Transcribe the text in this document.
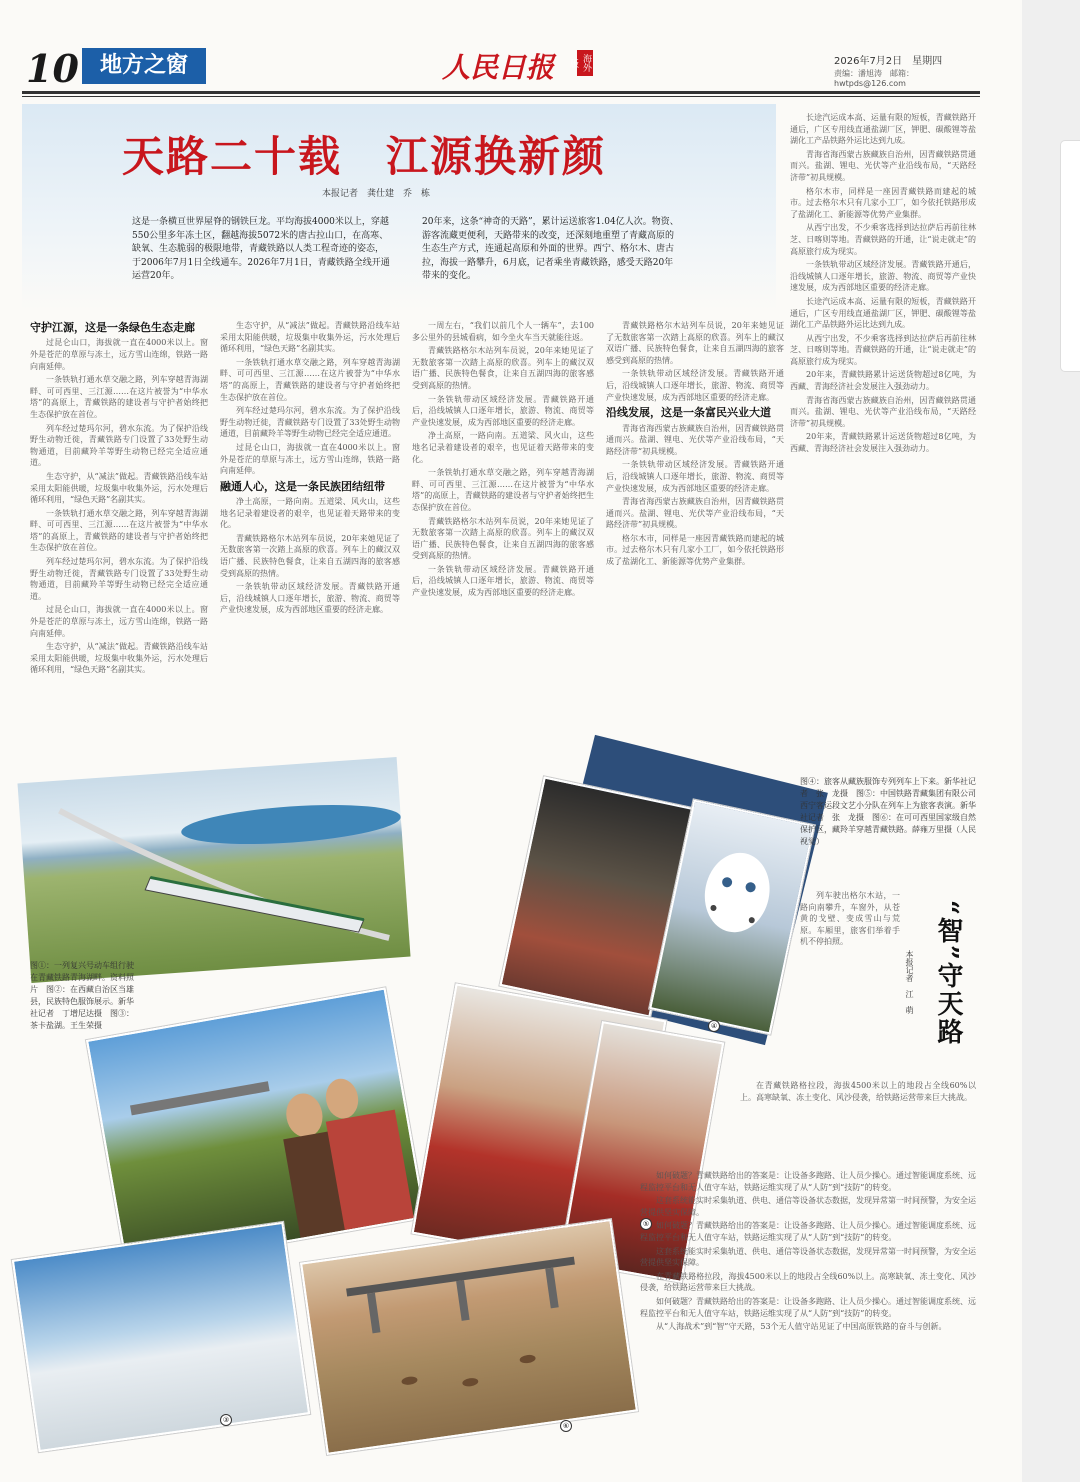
10 地方之窗	人民日报	海外版	2026年7月2日　星期四
责编：潘旭涛　邮箱：hwtpds@126.com
天路二十载　江源换新颜
本报记者　龚仕建　乔　栋
这是一条横亘世界屋脊的钢铁巨龙。平均海拔4000米以上，穿越550公里多年冻土区，翻越海拔5072米的唐古拉山口，在高寒、缺氧、生态脆弱的极限地带，青藏铁路以人类工程奇迹的姿态，于2006年7月1日全线通车。2026年7月1日，青藏铁路全线开通运营20年。
20年来，这条“神奇的天路”，累计运送旅客1.04亿人次。物资、游客流藏更便利，天路带来的改变，还深刻地重塑了青藏高原的生态生产方式，连通起高原和外面的世界。西宁、格尔木、唐古拉，海拔一路攀升，6月底，记者乘坐青藏铁路，感受天路20年带来的变化。

守护江源，这是一条绿色生态走廊

过昆仑山口，海拔就一直在4000米以上。窗外是苍茫的草原与冻土，远方雪山连绵，铁路一路向南延伸。

一条铁轨打通水草交融之路，列车穿越青海湖畔、可可西里、三江源……在这片被誉为“中华水塔”的高原上，青藏铁路的建设者与守护者始终把生态保护放在首位。

列车经过楚玛尔河，碧水东流。为了保护沿线野生动物迁徙，青藏铁路专门设置了33处野生动物通道，目前藏羚羊等野生动物已经完全适应通道。

生态守护，从“减法”做起。青藏铁路沿线车站采用太阳能供暖，垃圾集中收集外运，污水处理后循环利用，“绿色天路”名副其实。

一条铁轨打通水草交融之路，列车穿越青海湖畔、可可西里、三江源……在这片被誉为“中华水塔”的高原上，青藏铁路的建设者与守护者始终把生态保护放在首位。

列车经过楚玛尔河，碧水东流。为了保护沿线野生动物迁徙，青藏铁路专门设置了33处野生动物通道，目前藏羚羊等野生动物已经完全适应通道。

过昆仑山口，海拔就一直在4000米以上。窗外是苍茫的草原与冻土，远方雪山连绵，铁路一路向南延伸。

生态守护，从“减法”做起。青藏铁路沿线车站采用太阳能供暖，垃圾集中收集外运，污水处理后循环利用，“绿色天路”名副其实。

生态守护，从“减法”做起。青藏铁路沿线车站采用太阳能供暖，垃圾集中收集外运，污水处理后循环利用，“绿色天路”名副其实。

一条铁轨打通水草交融之路，列车穿越青海湖畔、可可西里、三江源……在这片被誉为“中华水塔”的高原上，青藏铁路的建设者与守护者始终把生态保护放在首位。

列车经过楚玛尔河，碧水东流。为了保护沿线野生动物迁徙，青藏铁路专门设置了33处野生动物通道，目前藏羚羊等野生动物已经完全适应通道。

过昆仑山口，海拔就一直在4000米以上。窗外是苍茫的草原与冻土，远方雪山连绵，铁路一路向南延伸。

融通人心，这是一条民族团结纽带

净土高原，一路向南。五道梁、风火山，这些地名记录着建设者的艰辛，也见证着天路带来的变化。

青藏铁路格尔木站列车员说，20年来她见证了无数旅客第一次踏上高原的欣喜。列车上的藏汉双语广播、民族特色餐食，让来自五湖四海的旅客感受到高原的热情。

一条铁轨带动区域经济发展。青藏铁路开通后，沿线城镇人口逐年增长，旅游、物流、商贸等产业快速发展，成为西部地区重要的经济走廊。

一周左右，“我们以前几个人一辆车”，去100多公里外的县城看病，如今坐火车当天就能往返。

青藏铁路格尔木站列车员说，20年来她见证了无数旅客第一次踏上高原的欣喜。列车上的藏汉双语广播、民族特色餐食，让来自五湖四海的旅客感受到高原的热情。

一条铁轨带动区域经济发展。青藏铁路开通后，沿线城镇人口逐年增长，旅游、物流、商贸等产业快速发展，成为西部地区重要的经济走廊。

净土高原，一路向南。五道梁、风火山，这些地名记录着建设者的艰辛，也见证着天路带来的变化。

一条铁轨打通水草交融之路，列车穿越青海湖畔、可可西里、三江源……在这片被誉为“中华水塔”的高原上，青藏铁路的建设者与守护者始终把生态保护放在首位。

青藏铁路格尔木站列车员说，20年来她见证了无数旅客第一次踏上高原的欣喜。列车上的藏汉双语广播、民族特色餐食，让来自五湖四海的旅客感受到高原的热情。

一条铁轨带动区域经济发展。青藏铁路开通后，沿线城镇人口逐年增长，旅游、物流、商贸等产业快速发展，成为西部地区重要的经济走廊。

青藏铁路格尔木站列车员说，20年来她见证了无数旅客第一次踏上高原的欣喜。列车上的藏汉双语广播、民族特色餐食，让来自五湖四海的旅客感受到高原的热情。

一条铁轨带动区域经济发展。青藏铁路开通后，沿线城镇人口逐年增长，旅游、物流、商贸等产业快速发展，成为西部地区重要的经济走廊。

沿线发展，这是一条富民兴业大道

青海省海西蒙古族藏族自治州，因青藏铁路贯通而兴。盐湖、锂电、光伏等产业沿线布局，“天路经济带”初具规模。

一条铁轨带动区域经济发展。青藏铁路开通后，沿线城镇人口逐年增长，旅游、物流、商贸等产业快速发展，成为西部地区重要的经济走廊。

青海省海西蒙古族藏族自治州，因青藏铁路贯通而兴。盐湖、锂电、光伏等产业沿线布局，“天路经济带”初具规模。

格尔木市，同样是一座因青藏铁路而建起的城市。过去格尔木只有几家小工厂，如今依托铁路形成了盐湖化工、新能源等优势产业集群。

长途汽运成本高、运量有限的短板，青藏铁路开通后，广区专用线直通盐湖厂区，钾肥、碳酸锂等盐湖化工产品铁路外运比达到九成。

青海省海西蒙古族藏族自治州，因青藏铁路贯通而兴。盐湖、锂电、光伏等产业沿线布局，“天路经济带”初具规模。

格尔木市，同样是一座因青藏铁路而建起的城市。过去格尔木只有几家小工厂，如今依托铁路形成了盐湖化工、新能源等优势产业集群。

从西宁出发，不少乘客选择到达拉萨后再前往林芝、日喀则等地。青藏铁路的开通，让“说走就走”的高原旅行成为现实。

一条铁轨带动区域经济发展。青藏铁路开通后，沿线城镇人口逐年增长，旅游、物流、商贸等产业快速发展，成为西部地区重要的经济走廊。

长途汽运成本高、运量有限的短板，青藏铁路开通后，广区专用线直通盐湖厂区，钾肥、碳酸锂等盐湖化工产品铁路外运比达到九成。

从西宁出发，不少乘客选择到达拉萨后再前往林芝、日喀则等地。青藏铁路的开通，让“说走就走”的高原旅行成为现实。

20年来，青藏铁路累计运送货物超过8亿吨，为西藏、青海经济社会发展注入强劲动力。

青海省海西蒙古族藏族自治州，因青藏铁路贯通而兴。盐湖、锂电、光伏等产业沿线布局，“天路经济带”初具规模。

20年来，青藏铁路累计运送货物超过8亿吨，为西藏、青海经济社会发展注入强劲动力。

④
③
⑤
⑥
图①：一列复兴号动车组行驶在青藏铁路青海湖畔。资料照片　图②：在西藏自治区当雄县，民族特色服饰展示。新华社记者　丁增尼达摄　图③：茶卡盐湖。王生荣摄
图④：旅客从藏族服饰专列列车上下来。新华社记者　张　龙摄　图⑤：中国铁路青藏集团有限公司西宁客运段文艺小分队在列车上为旅客表演。新华社记者　张　龙摄　图⑥：在可可西里国家级自然保护区，藏羚羊穿越青藏铁路。薛雍万里摄（人民视觉）
“智”守天路
本报记者　江　萌

列车驶出格尔木站，一路向南攀升，车窗外，从苍黄的戈壁、变成雪山与荒原。车厢里，旅客们举着手机不停拍照。

在青藏铁路格拉段，海拔4500米以上的地段占全线60%以上。高寒缺氧、冻土变化、风沙侵袭，给铁路运营带来巨大挑战。

如何破题？青藏铁路给出的答案是：让设备多跑路、让人员少操心。通过智能调度系统、远程监控平台和无人值守车站，铁路运维实现了从“人防”到“技防”的转变。

这套系统能实时采集轨道、供电、通信等设备状态数据，发现异常第一时间预警，为安全运营提供坚实保障。

如何破题？青藏铁路给出的答案是：让设备多跑路、让人员少操心。通过智能调度系统、远程监控平台和无人值守车站，铁路运维实现了从“人防”到“技防”的转变。

这套系统能实时采集轨道、供电、通信等设备状态数据，发现异常第一时间预警，为安全运营提供坚实保障。

在青藏铁路格拉段，海拔4500米以上的地段占全线60%以上。高寒缺氧、冻土变化、风沙侵袭，给铁路运营带来巨大挑战。

如何破题？青藏铁路给出的答案是：让设备多跑路、让人员少操心。通过智能调度系统、远程监控平台和无人值守车站，铁路运维实现了从“人防”到“技防”的转变。

从“人海战术”到“智”守天路，53个无人值守站见证了中国高原铁路的奋斗与创新。
